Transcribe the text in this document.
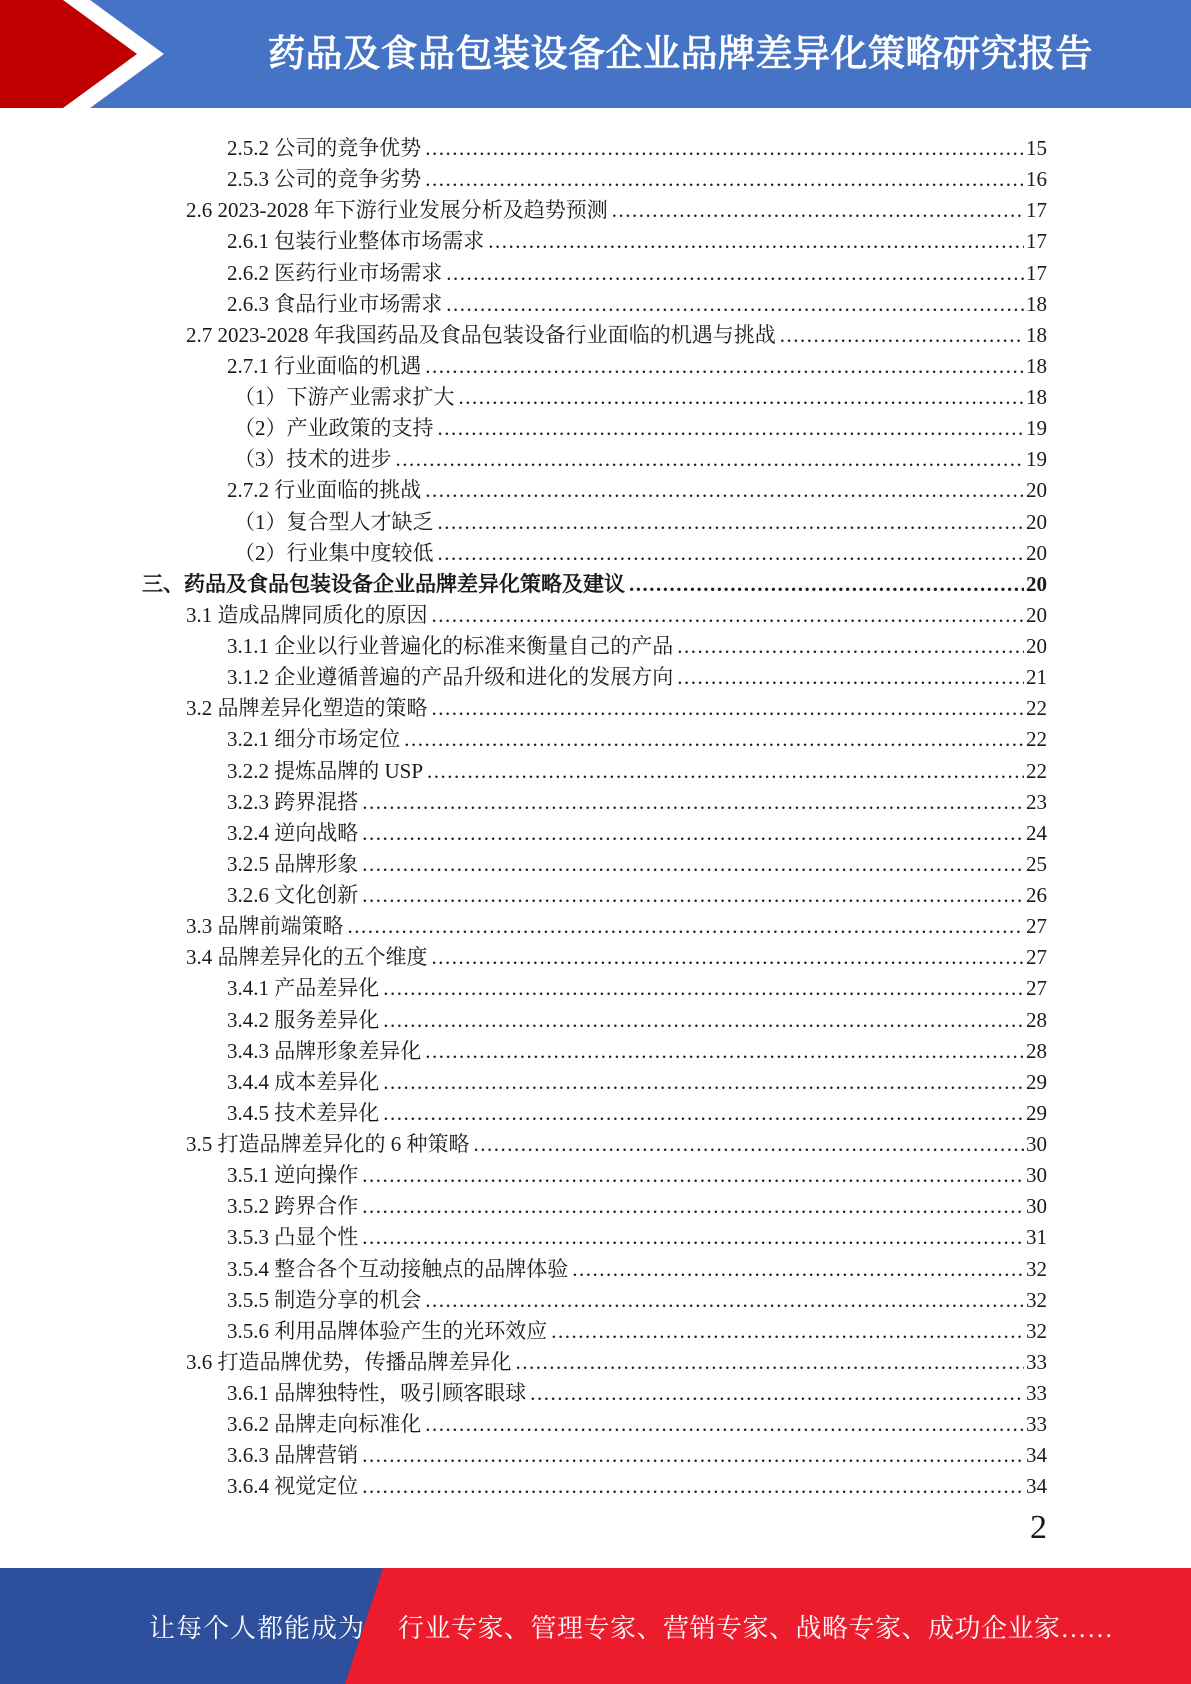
药品及食品包装设备企业品牌差异化策略研究报告
2.5.2 公司的竞争优势 .....	15
2.5.3 公司的竞争劣势 .....	16
2.6 2023-2028 年下游行业发展分析及趋势预测 .....	17
2.6.1 包装行业整体市场需求 .....	17
2.6.2 医药行业市场需求 .....	17
2.6.3 食品行业市场需求 .....	18
2.7 2023-2028 年我国药品及食品包装设备行业面临的机遇与挑战 .....	18
2.7.1 行业面临的机遇 .....	18
（1）下游产业需求扩大 .....	18
（2）产业政策的支持 .....	19
（3）技术的进步 .....	19
2.7.2 行业面临的挑战 .....	20
（1）复合型人才缺乏 .....	20
（2）行业集中度较低 .....	20
三、药品及食品包装设备企业品牌差异化策略及建议 .....	20
3.1 造成品牌同质化的原因 .....	20
3.1.1 企业以行业普遍化的标准来衡量自己的产品 .....	20
3.1.2 企业遵循普遍的产品升级和进化的发展方向 .....	21
3.2 品牌差异化塑造的策略 .....	22
3.2.1 细分市场定位 .....	22
3.2.2 提炼品牌的 USP .....	22
3.2.3 跨界混搭 .....	23
3.2.4 逆向战略 .....	24
3.2.5 品牌形象 .....	25
3.2.6 文化创新 .....	26
3.3 品牌前端策略 .....	27
3.4 品牌差异化的五个维度 .....	27
3.4.1 产品差异化 .....	27
3.4.2 服务差异化 .....	28
3.4.3 品牌形象差异化 .....	28
3.4.4 成本差异化 .....	29
3.4.5 技术差异化 .....	29
3.5 打造品牌差异化的 6 种策略 .....	30
3.5.1 逆向操作 .....	30
3.5.2 跨界合作 .....	30
3.5.3 凸显个性 .....	31
3.5.4 整合各个互动接触点的品牌体验 .....	32
3.5.5 制造分享的机会 .....	32
3.5.6 利用品牌体验产生的光环效应 .....	32
3.6 打造品牌优势，传播品牌差异化 .....	33
3.6.1 品牌独特性，吸引顾客眼球 .....	33
3.6.2 品牌走向标准化 .....	33
3.6.3 品牌营销 .....	34
3.6.4 视觉定位 .....	34
2
让每个人都能成为 行业专家、管理专家、营销专家、战略专家、成功企业家……
